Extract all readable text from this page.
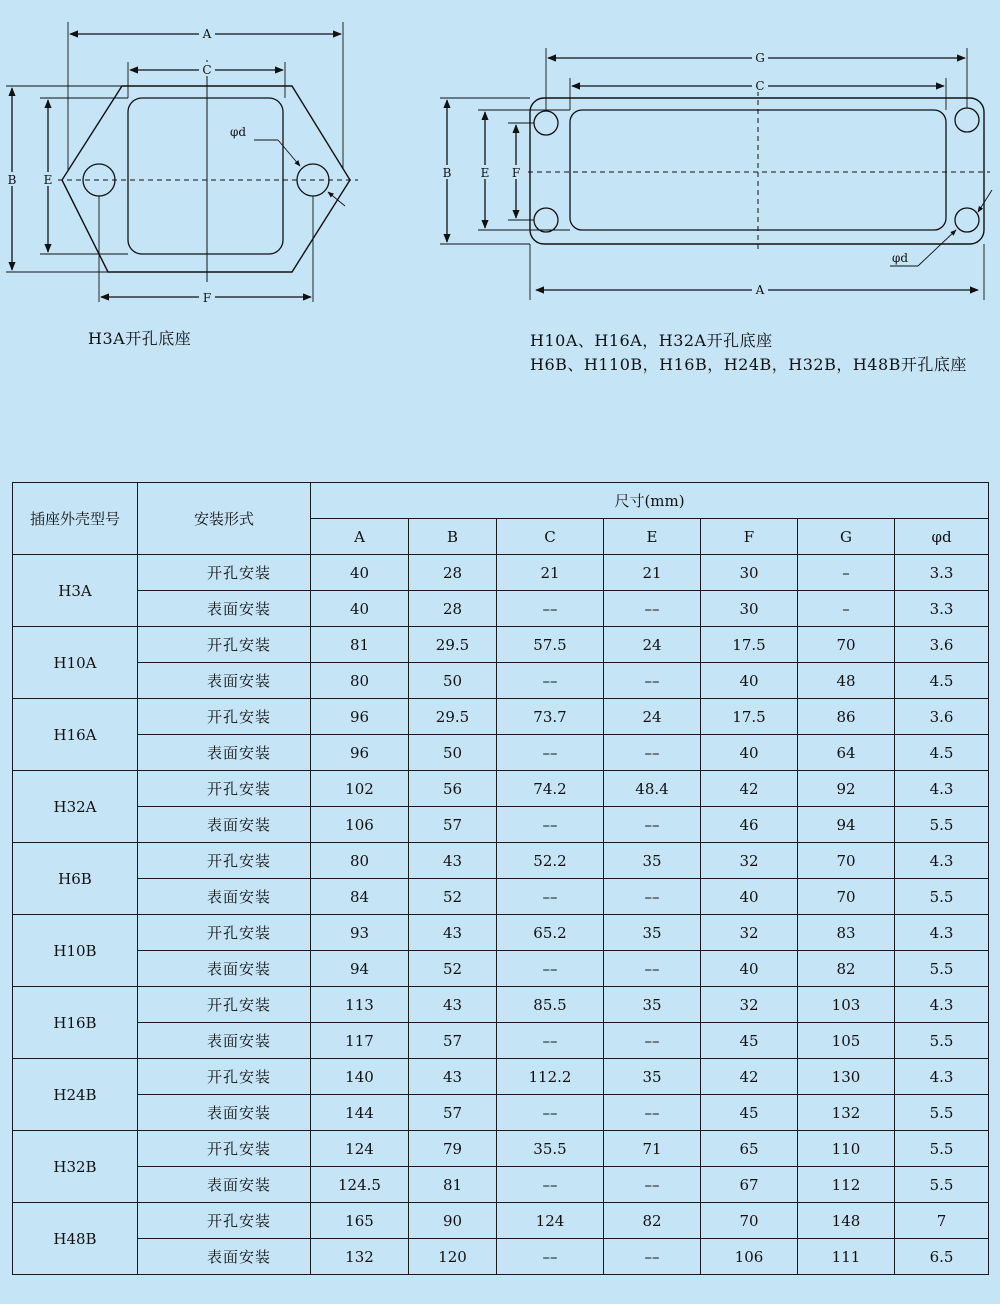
A
C
F
B E
φd
G
C
A
B E F
φd
H3A开孔底座	H10A、H16A，H32A开孔底座
H6B、H110B，H16B，H24B，H32B，H48B开孔底座
插座外壳型号	安装形式	尺寸(mm)						
		A	B	C	E	F	G	φd
H3A	开孔安装	40	28	21	21	30	–	3.3
	表面安装	40	28	––	––	30	–	3.3
H10A	开孔安装	81	29.5	57.5	24	17.5	70	3.6
	表面安装	80	50	––	––	40	48	4.5
H16A	开孔安装	96	29.5	73.7	24	17.5	86	3.6
	表面安装	96	50	––	––	40	64	4.5
H32A	开孔安装	102	56	74.2	48.4	42	92	4.3
	表面安装	106	57	––	––	46	94	5.5
H6B	开孔安装	80	43	52.2	35	32	70	4.3
	表面安装	84	52	––	––	40	70	5.5
H10B	开孔安装	93	43	65.2	35	32	83	4.3
	表面安装	94	52	––	––	40	82	5.5
H16B	开孔安装	113	43	85.5	35	32	103	4.3
	表面安装	117	57	––	––	45	105	5.5
H24B	开孔安装	140	43	112.2	35	42	130	4.3
	表面安装	144	57	––	––	45	132	5.5
H32B	开孔安装	124	79	35.5	71	65	110	5.5
	表面安装	124.5	81	––	––	67	112	5.5
H48B	开孔安装	165	90	124	82	70	148	7
	表面安装	132	120	––	––	106	111	6.5
